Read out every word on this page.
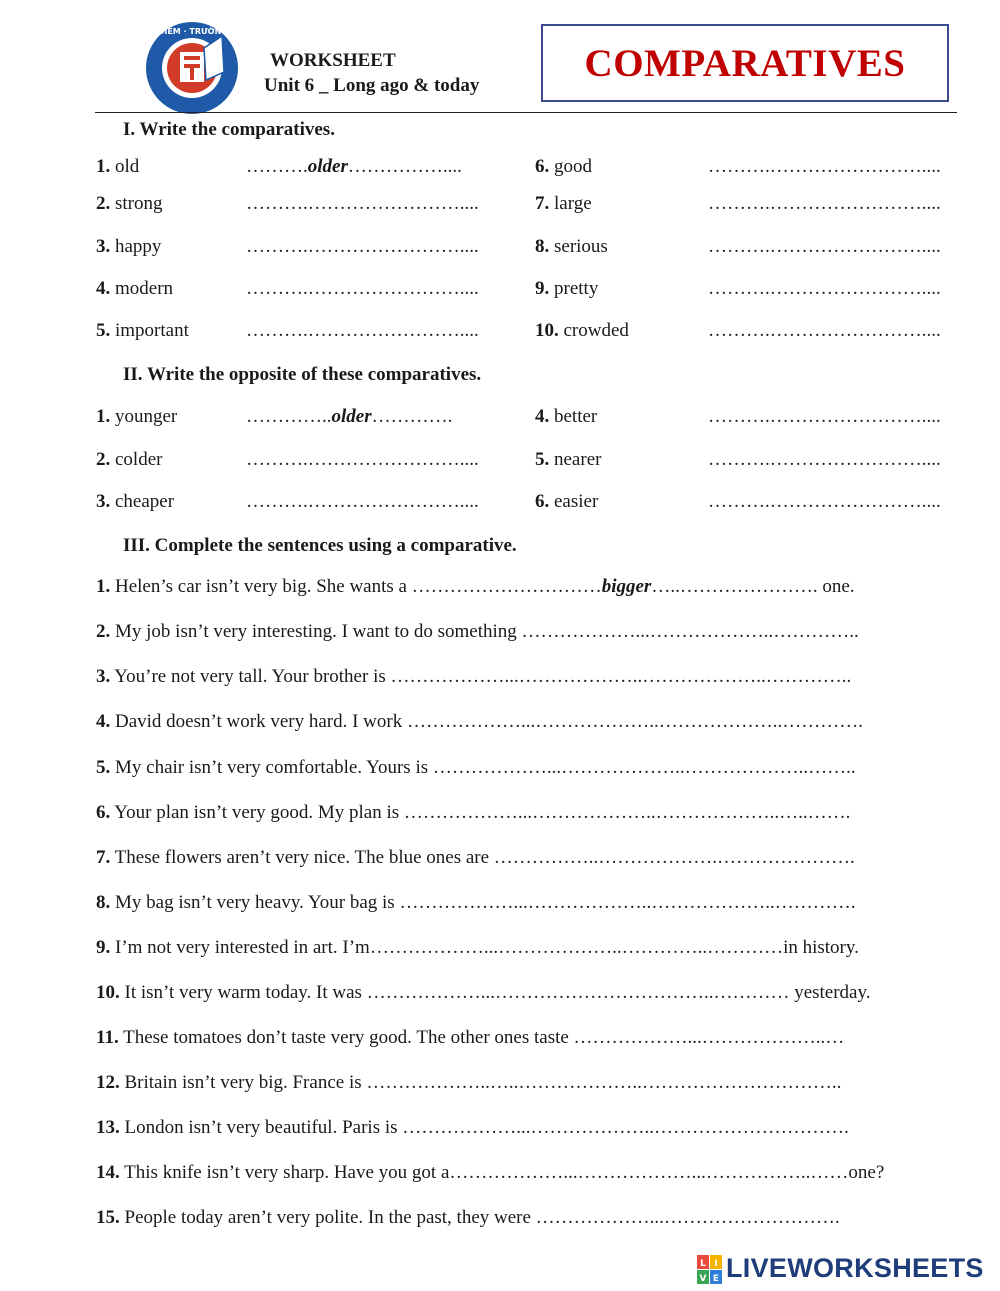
ĐOÀN THỊ ĐIỂM · TRƯỜNG TIỂU HỌC
WORKSHEET
Unit 6 _ Long ago & today
COMPARATIVES
I. Write the comparatives.
1. old	……….older……………....
2. strong	……….……………………....
3. happy	……….……………………....
4. modern	……….……………………....
5. important	……….……………………....
6. good	……….……………………....
7. large	……….……………………....
8. serious	……….……………………....
9. pretty	……….……………………....
10. crowded	……….……………………....
II. Write the opposite of these comparatives.
1. younger	…………..older………….
2. colder	……….……………………....
3. cheaper	……….……………………....
4. better	……….……………………....
5. nearer	……….……………………....
6. easier	……….……………………....
III. Complete the sentences using a comparative.
1. Helen’s car isn’t very big. She wants a …………………………bigger…..…………………. one.
2. My job isn’t very interesting. I want to do something ………………...………………..…………..
3. You’re not very tall. Your brother is ………………...………………..………………..…………..
4. David doesn’t work very hard. I work ………………...………………..………………..………….
5. My chair isn’t very comfortable. Yours is ………………...………………..………………..……..
6. Your plan isn’t very good. My plan is ………………...………………..………………..…..…….
7. These flowers aren’t very nice. The blue ones are ……………..……………….………………….
8. My bag isn’t very heavy. Your bag is ………………...………………..………………..………….
9. I’m not very interested in art. I’m………………...………………..…………..…………in history.
10. It isn’t very warm today. It was ………………...……………………………..………… yesterday.
11. These tomatoes don’t taste very good. The other ones taste ………………...………………..…
12. Britain isn’t very big. France is ………………..…..………………..…………………………..
13. London isn’t very beautiful. Paris is ………………...………………..………………………….
14. This knife isn’t very sharp. Have you got a………………...………………...……………..……one?
15. People today aren’t very polite. In the past, they were ………………...……………………….
L I
V E LIVEWORKSHEETS
